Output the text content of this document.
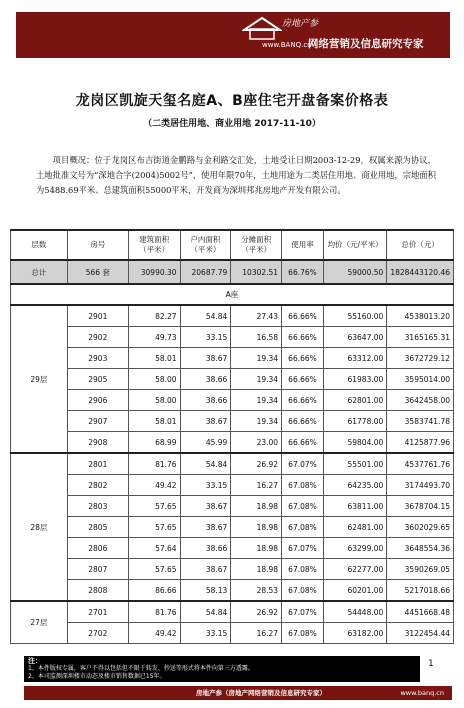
房地产参
www.BANQ.cn
网络营销及信息研究专家
龙岗区凯旋天玺名庭A、B座住宅开盘备案价格表
（二类居住用地、商业用地 2017-11-10）
项目概况：位于龙岗区布吉街道金鹏路与金利路交汇处，土地受让日期2003-12-29，权属来源为协议，土地批准文号为“深地合字(2004)5002号”，使用年限70年，土地用途为二类居住用地、商业用地，宗地面积为5488.69平米、总建筑面积55000平米，开发商为深圳邦兆房地产开发有限公司。
层数	房号	建筑面积（平米）	户内面积（平米）	分摊面积（平米）	使用率	均价（元/平米）	总价（元）
总计	566 套	30990.30	20687.79	10302.51	66.76%	59000.50	1828443120.46
A座							
29层	2901	82.27	54.84	27.43	66.66%	55160.00	4538013.20
	2902	49.73	33.15	16.58	66.66%	63647.00	3165165.31
	2903	58.01	38.67	19.34	66.66%	63312.00	3672729.12
	2905	58.00	38.66	19.34	66.66%	61983.00	3595014.00
	2906	58.00	38.66	19.34	66.66%	62801.00	3642458.00
	2907	58.01	38.67	19.34	66.66%	61778.00	3583741.78
	2908	68.99	45.99	23.00	66.66%	59804.00	4125877.96
28层	2801	81.76	54.84	26.92	67.07%	55501.00	4537761.76
	2802	49.42	33.15	16.27	67.08%	64235.00	3174493.70
	2803	57.65	38.67	18.98	67.08%	63811.00	3678704.15
	2805	57.65	38.67	18.98	67.08%	62481.00	3602029.65
	2806	57.64	38.66	18.98	67.07%	63299.00	3648554.36
	2807	57.65	38.67	18.98	67.08%	62277.00	3590269.05
	2808	86.66	58.13	28.53	67.08%	60201.00	5217018.66
27层	2701	81.76	54.84	26.92	67.07%	54448.00	4451668.48
	2702	49.42	33.15	16.27	67.08%	63182.00	3122454.44
注：
1、本件版权专属，客户不得以包括但不限于转发、抄送等形式将本件向第三方透露。
2、本司监测深圳楼市动态及楼市销售数据已15年。
1
房地产参（房地产网络营销及信息研究专家）	www.banq.cn
